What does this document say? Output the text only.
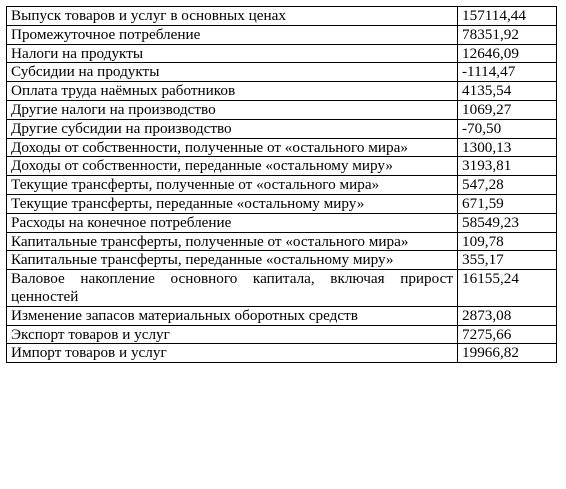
Выпуск товаров и услуг в основных ценах	157114,44
Промежуточное потребление	78351,92
Налоги на продукты	12646,09
Субсидии на продукты	-1114,47
Оплата труда наёмных работников	4135,54
Другие налоги на производство	1069,27
Другие субсидии на производство	-70,50
Доходы от собственности, полученные от «остального мира»	1300,13
Доходы от собственности, переданные «остальному миру»	3193,81
Текущие трансферты, полученные от «остального мира»	547,28
Текущие трансферты, переданные «остальному миру»	671,59
Расходы на конечное потребление	58549,23
Капитальные трансферты, полученные от «остального мира»	109,78
Капитальные трансферты, переданные «остальному миру»	355,17
Валовое накопление основного капитала, включая прирост ценностей	16155,24
Изменение запасов материальных оборотных средств	2873,08
Экспорт товаров и услуг	7275,66
Импорт товаров и услуг	19966,82
